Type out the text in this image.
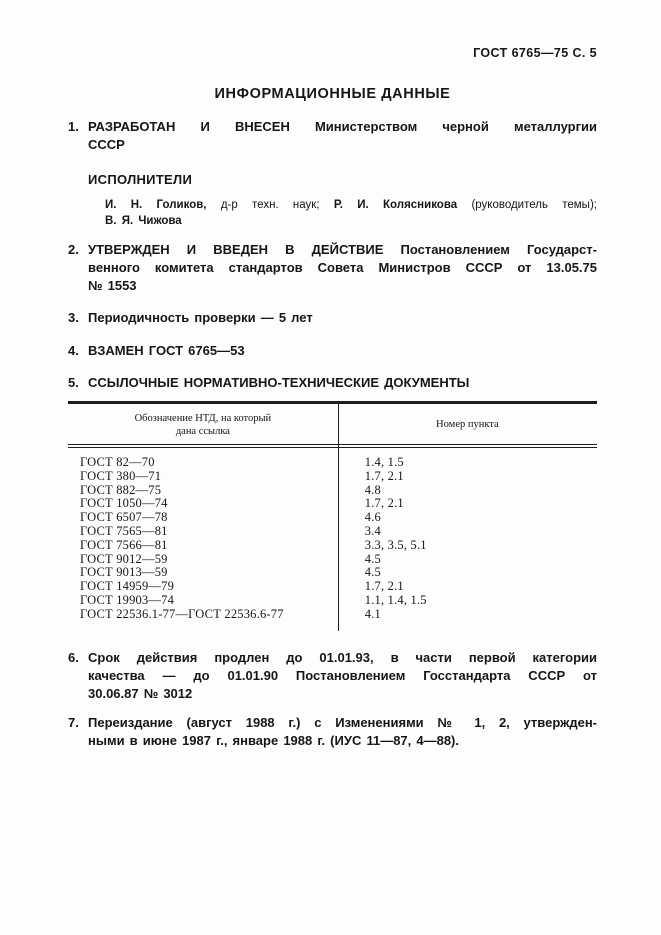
ГОСТ 6765—75 С. 5
ИНФОРМАЦИОННЫЕ ДАННЫЕ
1. РАЗРАБОТАН И ВНЕСЕН Министерством черной металлургии
СССР
ИСПОЛНИТЕЛИ
И. Н. Голиков, д-р техн. наук; Р. И. Колясникова (руководитель темы);
В. Я. Чижова
2. УТВЕРЖДЕН И ВВЕДЕН В ДЕЙСТВИЕ Постановлением Государст-
венного комитета стандартов Совета Министров СССР от 13.05.75
№ 1553
3. Периодичность проверки — 5 лет
4. ВЗАМЕН ГОСТ 6765—53
5. ССЫЛОЧНЫЕ НОРМАТИВНО-ТЕХНИЧЕСКИЕ ДОКУМЕНТЫ
Обозначение НТД, на который
дана ссылка
Номер пункта
ГОСТ 82—70	1.4, 1.5
ГОСТ 380—71	1.7, 2.1
ГОСТ 882—75	4.8
ГОСТ 1050—74	1.7, 2.1
ГОСТ 6507—78	4.6
ГОСТ 7565—81	3.4
ГОСТ 7566—81	3.3, 3.5, 5.1
ГОСТ 9012—59	4.5
ГОСТ 9013—59	4.5
ГОСТ 14959—79	1.7, 2.1
ГОСТ 19903—74	1.1, 1.4, 1.5
ГОСТ 22536.1-77—ГОСТ 22536.6-77	4.1
6. Срок действия продлен до 01.01.93, в части первой категории
качества — до 01.01.90 Постановлением Госстандарта СССР от
30.06.87 № 3012
7. Переиздание (август 1988 г.) с Изменениями № 1, 2, утвержден-
ными в июне 1987 г., январе 1988 г. (ИУС 11—87, 4—88).
